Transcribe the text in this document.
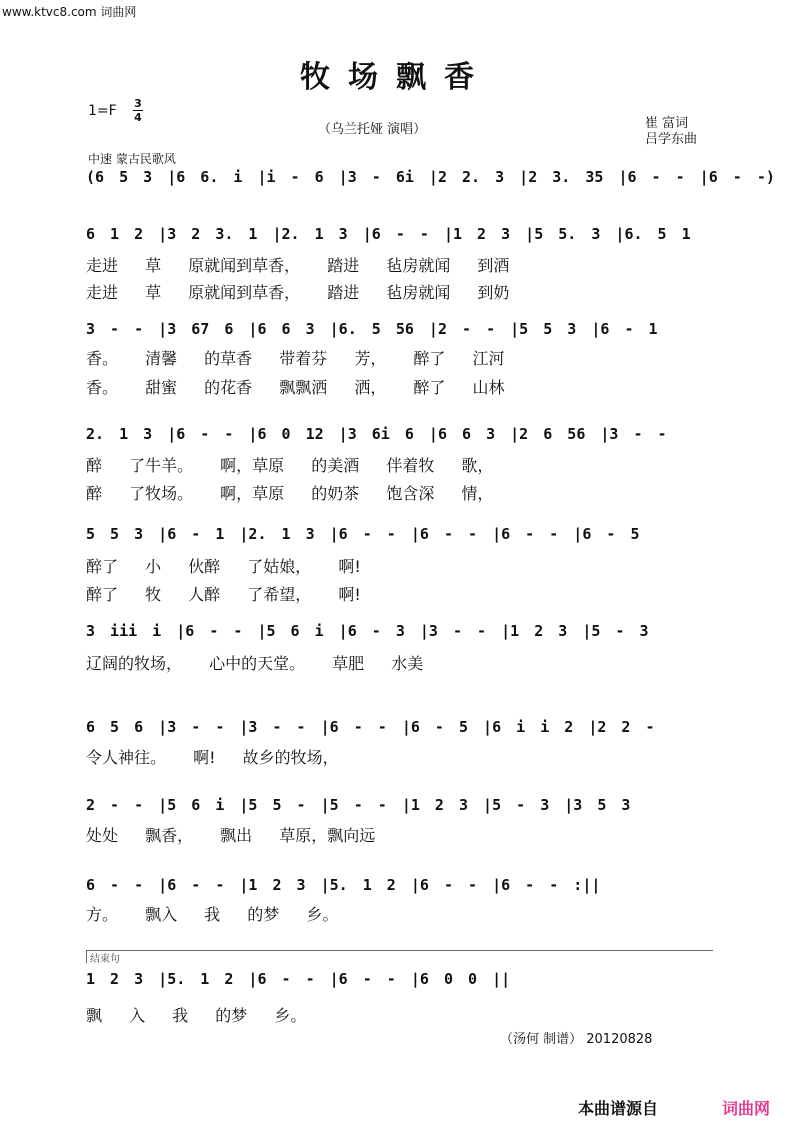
www.ktvc8.com 词曲网
牧场飘香
1=F 3
4
（乌兰托娅 演唱）	崔 富词
吕学东曲
中速 蒙古民歌风
(6 5 3 |6 6. i |i - 6 |3 - 6i |2 2. 3 |2 3. 35 |6 - - |6 - -)
6 1 2 |3 2 3. 1 |2. 1 3 |6 - - |1 2 3 |5 5. 3 |6. 5 1
3 - - |3 67 6 |6 6 3 |6. 5 56 |2 - - |5 5 3 |6 - 1
2. 1 3 |6 - - |6 0 12 |3 6i 6 |6 6 3 |2 6 56 |3 - -
5 5 3 |6 - 1 |2. 1 3 |6 - - |6 - - |6 - - |6 - 5
3 iii i |6 - - |5 6 i |6 - 3 |3 - - |1 2 3 |5 - 3
6 5 6 |3 - - |3 - - |6 - - |6 - 5 |6 i i 2 |2 2 -
2 - - |5 6 i |5 5 - |5 - - |1 2 3 |5 - 3 |3 5 3
6 - - |6 - - |1 2 3 |5. 1 2 |6 - - |6 - - :||
1 2 3 |5. 1 2 |6 - - |6 - - |6 0 0 ||
走进 草 原就闻到草香， 踏进 毡房就闻 到酒
走进 草 原就闻到草香， 踏进 毡房就闻 到奶
香。 清馨 的草香 带着芬 芳， 醉了 江河
香。 甜蜜 的花香 飘飘洒 洒， 醉了 山林
醉 了牛羊。 啊，草原 的美酒 伴着牧 歌，
醉 了牧场。 啊，草原 的奶茶 饱含深 情，
醉了 小 伙醉 了姑娘， 啊!
醉了 牧 人醉 了希望， 啊!
辽阔的牧场， 心中的天堂。 草肥 水美
令人神往。 啊! 故乡的牧场，
处处 飘香， 飘出 草原，飘向远
方。 飘入 我 的梦 乡。
飘 入 我 的梦 乡。
结束句
（汤何 制谱） 20120828
本曲谱源自	词曲网
